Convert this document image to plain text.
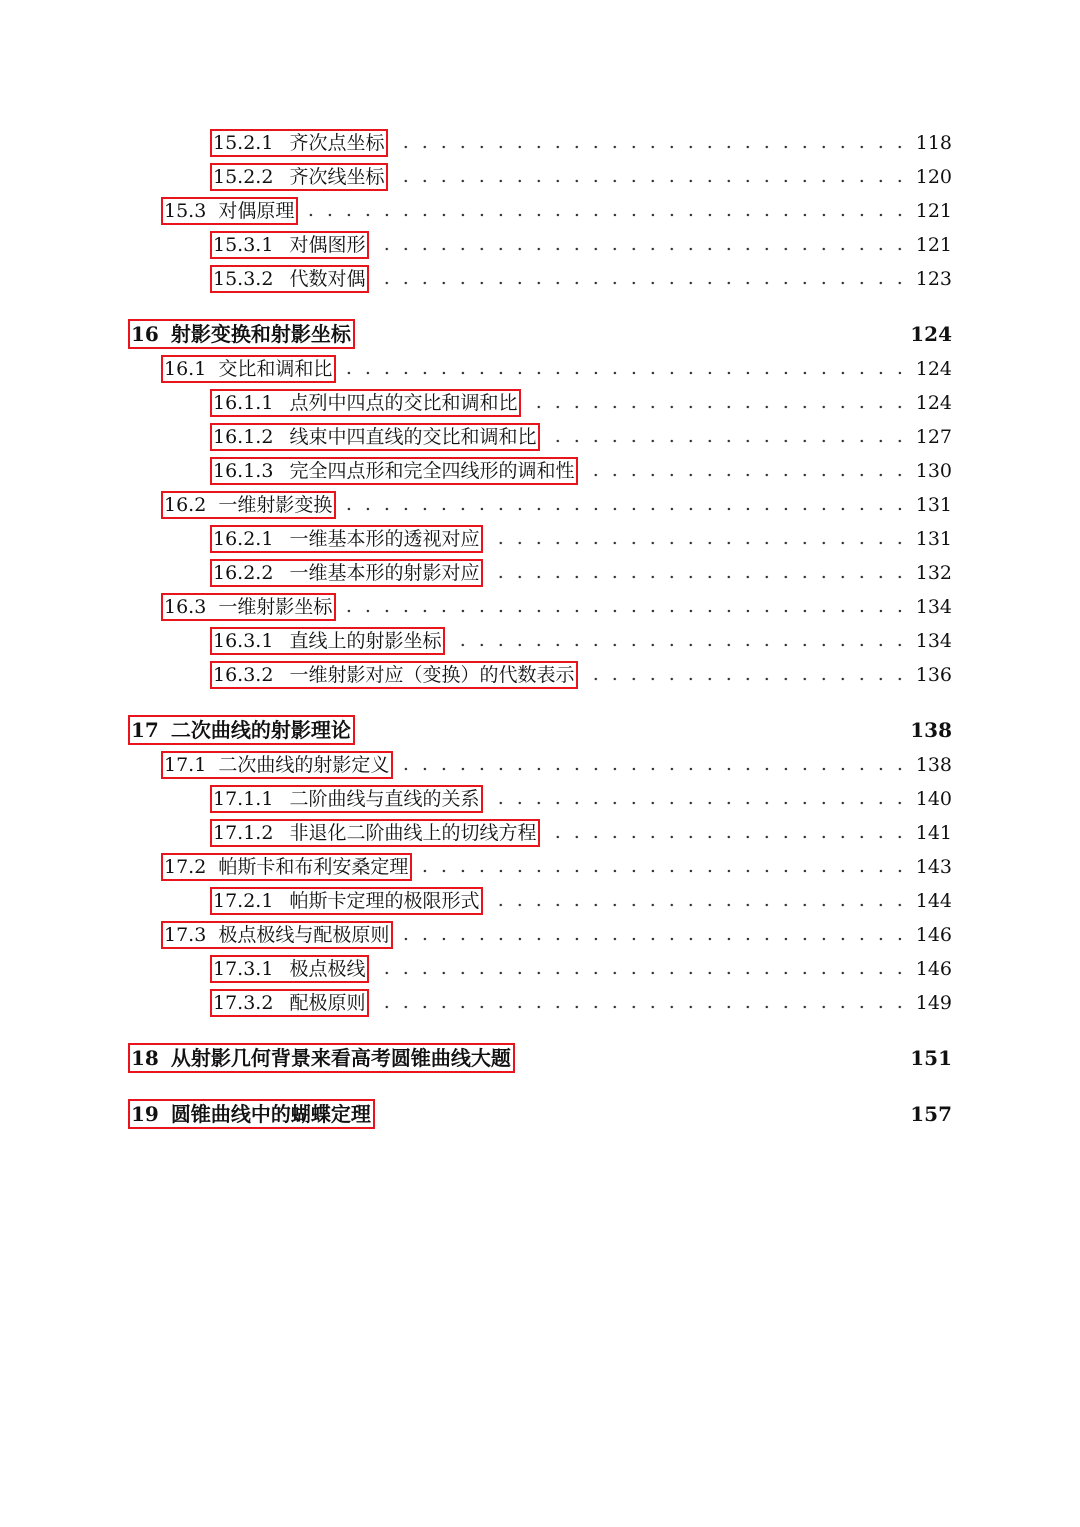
15.2.1 齐次点坐标	118
15.2.2 齐次线坐标	120
15.3 对偶原理	121
15.3.1 对偶图形	121
15.3.2 代数对偶	123
16 射影变换和射影坐标	124
16.1 交比和调和比	124
16.1.1 点列中四点的交比和调和比	124
16.1.2 线束中四直线的交比和调和比	127
16.1.3 完全四点形和完全四线形的调和性	130
16.2 一维射影变换	131
16.2.1 一维基本形的透视对应	131
16.2.2 一维基本形的射影对应	132
16.3 一维射影坐标	134
16.3.1 直线上的射影坐标	134
16.3.2 一维射影对应（变换）的代数表示	136
17 二次曲线的射影理论	138
17.1 二次曲线的射影定义	138
17.1.1 二阶曲线与直线的关系	140
17.1.2 非退化二阶曲线上的切线方程	141
17.2 帕斯卡和布利安桑定理	143
17.2.1 帕斯卡定理的极限形式	144
17.3 极点极线与配极原则	146
17.3.1 极点极线	146
17.3.2 配极原则	149
18 从射影几何背景来看高考圆锥曲线大题	151
19 圆锥曲线中的蝴蝶定理	157
